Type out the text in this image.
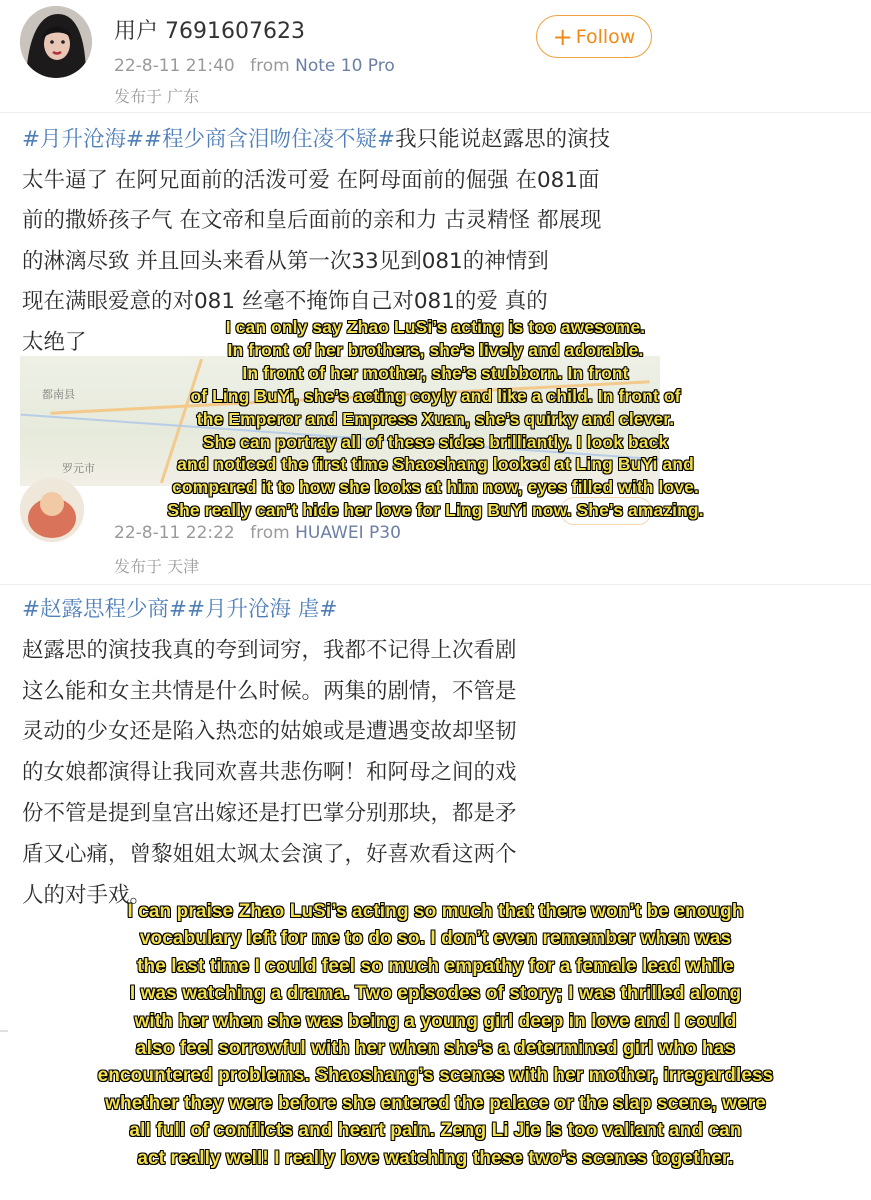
用户 7691607623
22-8-11 21:40 from Note 10 Pro
发布于 广东
+ Follow
#月升沧海##程少商含泪吻住凌不疑#我只能说赵露思的演技
太牛逼了 在阿兄面前的活泼可爱 在阿母面前的倔强 在081面
前的撒娇孩子气 在文帝和皇后面前的亲和力 古灵精怪 都展现
的淋漓尽致 并且回头来看从第一次33见到081的神情到
现在满眼爱意的对081 丝毫不掩饰自己对081的爱 真的
太绝了
都南县
罗元市
22-8-11 22:22 from HUAWEI P30
发布于 天津
#赵露思程少商##月升沧海 虐#
赵露思的演技我真的夸到词穷，我都不记得上次看剧
这么能和女主共情是什么时候。两集的剧情，不管是
灵动的少女还是陷入热恋的姑娘或是遭遇变故却坚韧
的女娘都演得让我同欢喜共悲伤啊！和阿母之间的戏
份不管是提到皇宫出嫁还是打巴掌分别那块，都是矛
盾又心痛，曾黎姐姐太飒太会演了，好喜欢看这两个
人的对手戏。
I can only say Zhao LuSi’s acting is too awesome.
In front of her brothers, she’s lively and adorable.
In front of her mother, she’s stubborn. In front
of Ling BuYi, she’s acting coyly and like a child. In front of
the Emperor and Empress Xuan, she’s quirky and clever.
She can portray all of these sides brilliantly. I look back
and noticed the first time Shaoshang looked at Ling BuYi and
compared it to how she looks at him now, eyes filled with love.
She really can’t hide her love for Ling BuYi now. She’s amazing.
I can praise Zhao LuSi’s acting so much that there won’t be enough
vocabulary left for me to do so. I don’t even remember when was
the last time I could feel so much empathy for a female lead while
I was watching a drama. Two episodes of story; I was thrilled along
with her when she was being a young girl deep in love and I could
also feel sorrowful with her when she’s a determined girl who has
encountered problems. Shaoshang’s scenes with her mother, irregardless
whether they were before she entered the palace or the slap scene, were
all full of conflicts and heart pain. Zeng Li Jie is too valiant and can
act really well! I really love watching these two’s scenes together.
